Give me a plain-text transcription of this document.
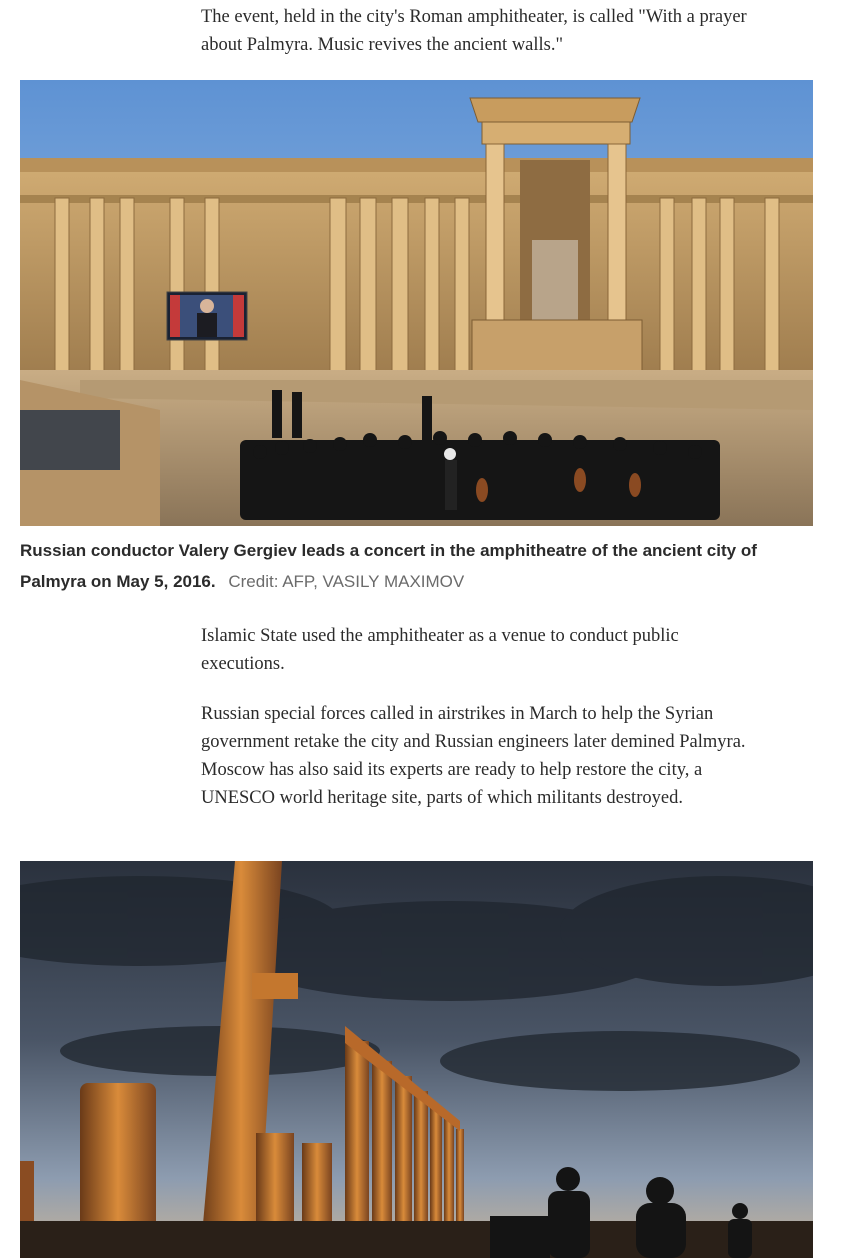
The event, held in the city's Roman amphitheater, is called "With a prayer about Palmyra. Music revives the ancient walls."

Russian conductor Valery Gergiev leads a concert in the amphitheatre of the ancient city of Palmyra on May 5, 2016. Credit: AFP, VASILY MAXIMOV

Islamic State used the amphitheater as a venue to conduct public executions.

Russian special forces called in airstrikes in March to help the Syrian government retake the city and Russian engineers later demined Palmyra. Moscow has also said its experts are ready to help restore the city, a UNESCO world heritage site, parts of which militants destroyed.
